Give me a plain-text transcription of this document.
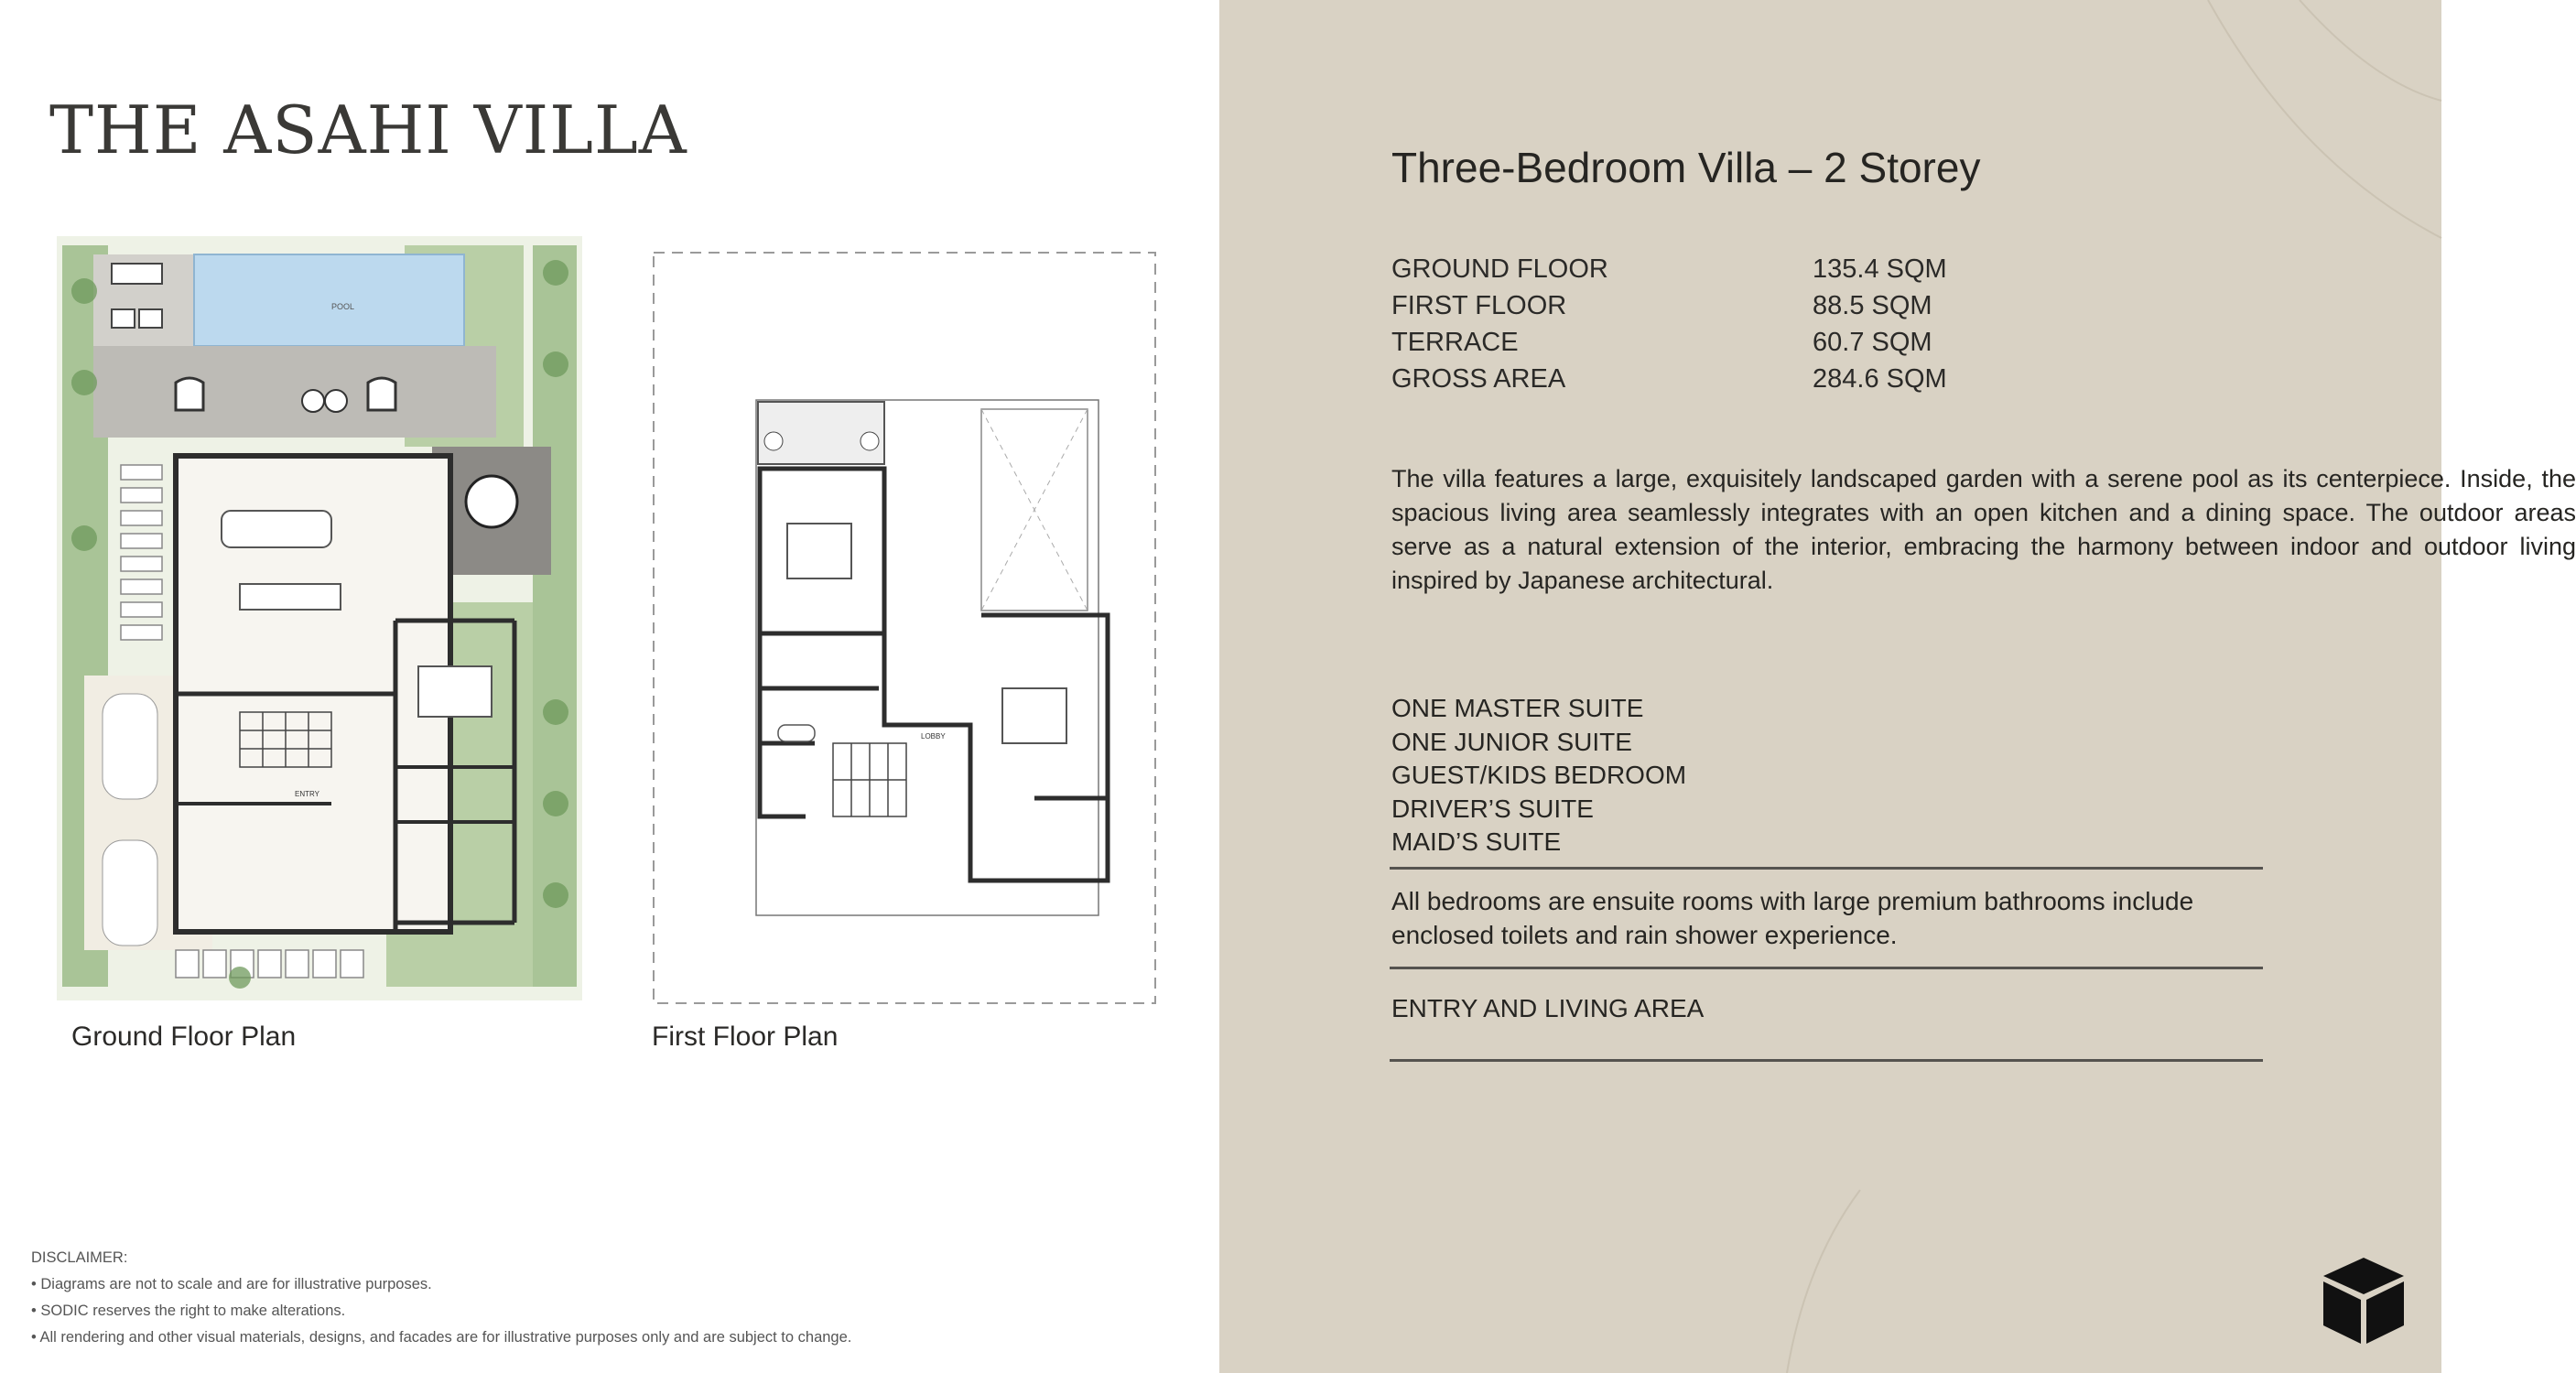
THE ASAHI VILLA
POOL
ENTRY
LOBBY
Ground Floor Plan	First Floor Plan
DISCLAIMER:
• Diagrams are not to scale and are for illustrative purposes.
• SODIC reserves the right to make alterations.
• All rendering and other visual materials, designs, and facades are for illustrative purposes only and are subject to change.
Three-Bedroom Villa – 2 Storey
GROUND FLOOR	135.4 SQM
FIRST FLOOR	88.5 SQM
TERRACE	60.7 SQM
GROSS AREA	284.6 SQM

The villa features a large, exquisitely landscaped garden with a serene pool as its centerpiece. Inside, the spacious living area seamlessly integrates with an open kitchen and a dining space. The outdoor areas serve as a natural extension of the interior, embracing the harmony between indoor and outdoor living inspired by Japanese architectural.

ONE MASTER SUITE
ONE JUNIOR SUITE
GUEST/KIDS BEDROOM
DRIVER’S SUITE
MAID’S SUITE
All bedrooms are ensuite rooms with large premium bathrooms include enclosed toilets and rain shower experience.
ENTRY AND LIVING AREA
